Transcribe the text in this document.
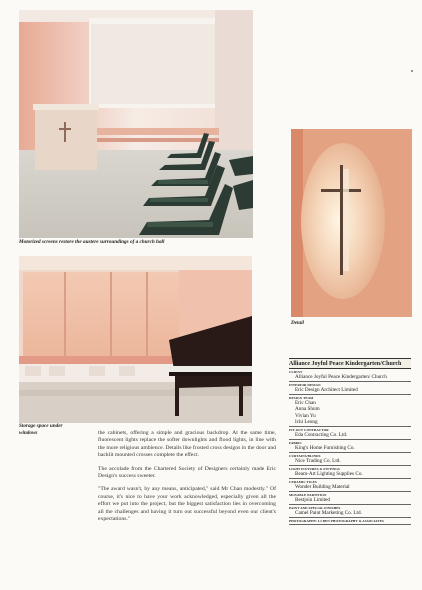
Motorized screens restore the austere surroundings of a church hall
Storage space under windows
Detail

the cabinets, offering a simple and gracious backdrop. At the same time, fluorescent lights replace the softer downlights and flood lights, in line with the more religious ambience. Details like frosted cross designs in the door and backlit mounted crosses complete the effect.

The accolade from the Chartered Society of Designers certainly made Eric Design's success sweeter.

"The award wasn't, by any means, anticipated," said Mr Chan modestly." Of course, it's nice to have your work acknowledged, especially given all the effort we put into the project, but the biggest satisfaction lies in overcoming all the challenges and having it turn out successful beyond even our client's expectations."

Alliance Joyful Peace Kindergarten/Church
CLIENT
Alliance Joyful Peace Kindergarten/ Church
INTERIOR DESIGN
Eric Design Architect Limited
DESIGN TEAM
Eric Chan
Anna Shum
Vivian Yu
Ichi Leung
FIT-OUT CONTRACTOR
Eda Contracting Co. Ltd.
FABRIC
King's Home Furnishing Co.
CURTAINS/BLINDS
Nice Trading Co. Ltd.
LIGHT FIXTURES & FITTINGS
Beam-Art Lighting Supplies Co.
CERAMIC TILES
Wonder Building Material
MOVABLE PARTITION
Bestjoin Limited
PAINT AND SPECIAL FINISHES
Camel Paint Marketing Co. Ltd.
PHOTOGRAPHY: LI BEN PHOTOGRAPHY & ASSOCIATES
